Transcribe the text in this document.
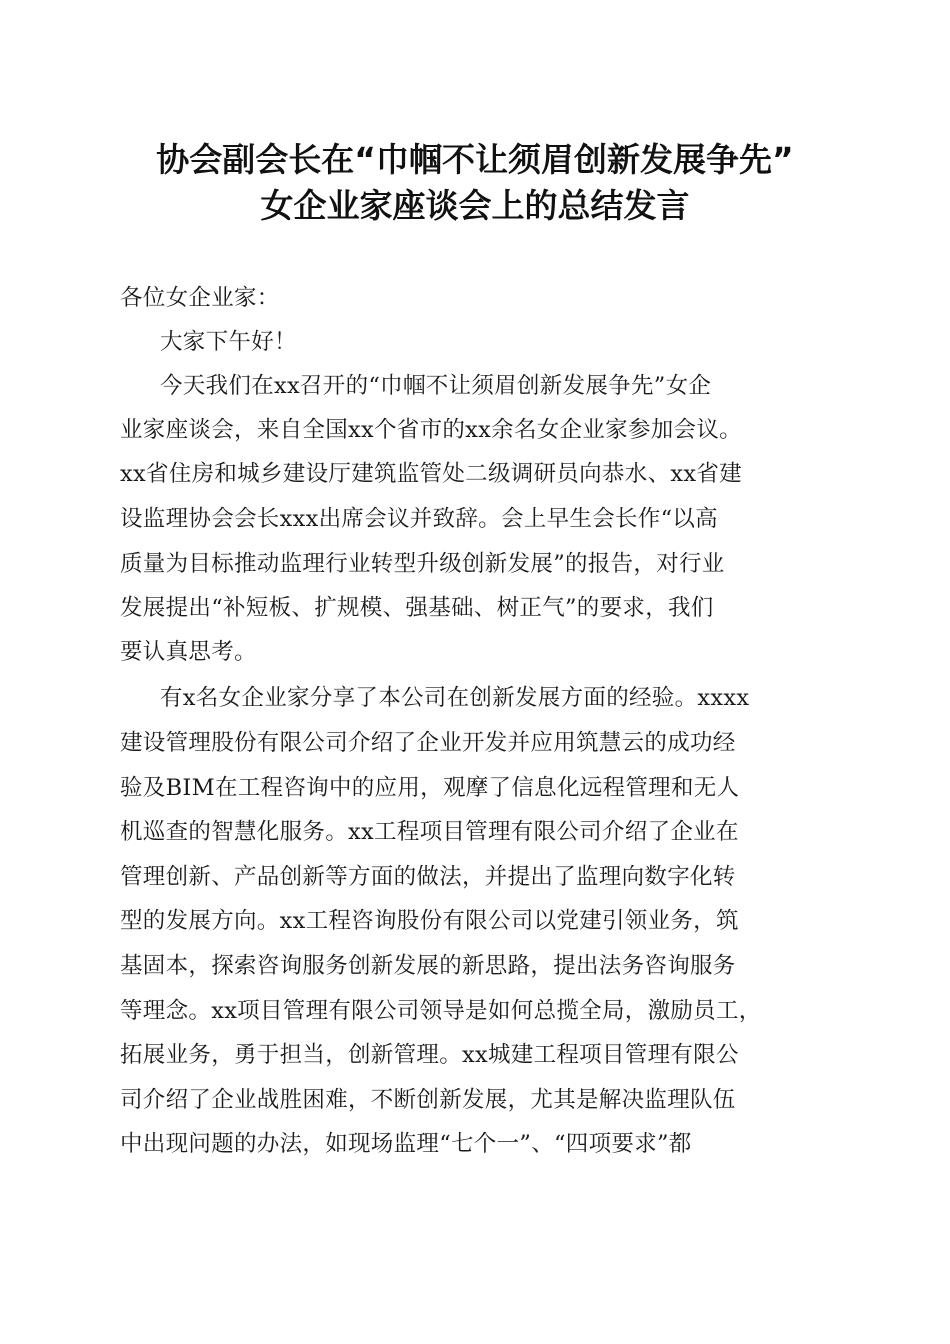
协会副会长在“巾帼不让须眉创新发展争先”
女企业家座谈会上的总结发言
各位女企业家：
大家下午好！
今天我们在xx召开的“巾帼不让须眉创新发展争先”女企
业家座谈会，来自全国xx个省市的xx余名女企业家参加会议。
xx省住房和城乡建设厅建筑监管处二级调研员向恭水、xx省建
设监理协会会长xxx出席会议并致辞。会上早生会长作“以高
质量为目标推动监理行业转型升级创新发展”的报告，对行业
发展提出“补短板、扩规模、强基础、树正气”的要求，我们
要认真思考。
有x名女企业家分享了本公司在创新发展方面的经验。xxxx
建设管理股份有限公司介绍了企业开发并应用筑慧云的成功经
验及BIM在工程咨询中的应用，观摩了信息化远程管理和无人
机巡查的智慧化服务。xx工程项目管理有限公司介绍了企业在
管理创新、产品创新等方面的做法，并提出了监理向数字化转
型的发展方向。xx工程咨询股份有限公司以党建引领业务，筑
基固本，探索咨询服务创新发展的新思路，提出法务咨询服务
等理念。xx项目管理有限公司领导是如何总揽全局，激励员工，
拓展业务，勇于担当，创新管理。xx城建工程项目管理有限公
司介绍了企业战胜困难，不断创新发展，尤其是解决监理队伍
中出现问题的办法，如现场监理“七个一”、“四项要求”都
